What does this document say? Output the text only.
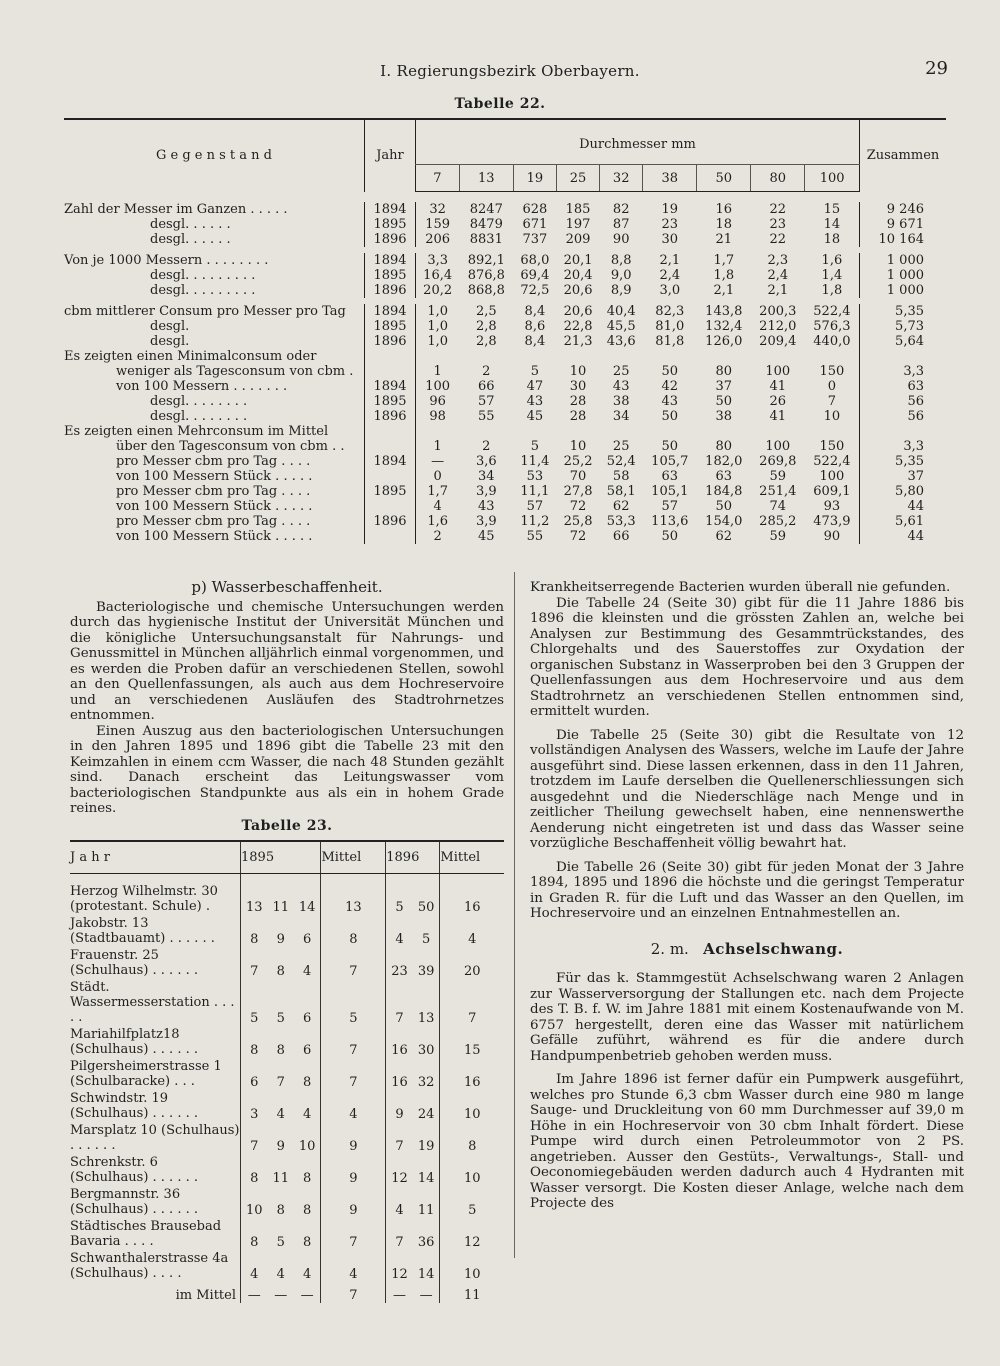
I. Regierungsbezirk Oberbayern.	29
Tabelle 22.
G e g e n s t a n d	Jahr	Durchmesser mm									Zusammen
		7	13	19	25	32	38	50	80	100	

Zahl der Messer im Ganzen . . . . .	1894	32	8247	628	185	82	19	16	22	15	9 246
desgl. . . . . .	1895	159	8479	671	197	87	23	18	23	14	9 671
desgl. . . . . .	1896	206	8831	737	209	90	30	21	22	18	10 164

Von je 1000 Messern . . . . . . . .	1894	3,3	892,1	68,0	20,1	8,8	2,1	1,7	2,3	1,6	1 000
desgl. . . . . . . . .	1895	16,4	876,8	69,4	20,4	9,0	2,4	1,8	2,4	1,4	1 000
desgl. . . . . . . . .	1896	20,2	868,8	72,5	20,6	8,9	3,0	2,1	2,1	1,8	1 000

cbm mittlerer Consum pro Messer pro Tag	1894	1,0	2,5	8,4	20,6	40,4	82,3	143,8	200,3	522,4	5,35
desgl.	1895	1,0	2,8	8,6	22,8	45,5	81,0	132,4	212,0	576,3	5,73
desgl.	1896	1,0	2,8	8,4	21,3	43,6	81,8	126,0	209,4	440,0	5,64
Es zeigten einen Minimalconsum oder											
weniger als Tagesconsum von cbm .		1	2	5	10	25	50	80	100	150	3,3
von 100 Messern . . . . . . .	1894	100	66	47	30	43	42	37	41	0	63
desgl. . . . . . . .	1895	96	57	43	28	38	43	50	26	7	56
desgl. . . . . . . .	1896	98	55	45	28	34	50	38	41	10	56
Es zeigten einen Mehrconsum im Mittel											
über den Tagesconsum von cbm . .		1	2	5	10	25	50	80	100	150	3,3
pro Messer cbm pro Tag . . . .	1894	—	3,6	11,4	25,2	52,4	105,7	182,0	269,8	522,4	5,35
von 100 Messern Stück . . . . .		0	34	53	70	58	63	63	59	100	37
pro Messer cbm pro Tag . . . .	1895	1,7	3,9	11,1	27,8	58,1	105,1	184,8	251,4	609,1	5,80
von 100 Messern Stück . . . . .		4	43	57	72	62	57	50	74	93	44
pro Messer cbm pro Tag . . . .	1896	1,6	3,9	11,2	25,8	53,3	113,6	154,0	285,2	473,9	5,61
von 100 Messern Stück . . . . .		2	45	55	72	66	50	62	59	90	44
p) Wasserbeschaffenheit.

Bacteriologische und chemische Untersuchungen werden durch das hygienische Institut der Universität München und die königliche Untersuchungsanstalt für Nahrungs- und Genussmittel in München alljährlich einmal vorgenommen, und es werden die Proben dafür an verschiedenen Stellen, sowohl an den Quellenfassungen, als auch aus dem Hochreservoire und an verschiedenen Ausläufen des Stadtrohrnetzes entnommen.

Einen Auszug aus den bacteriologischen Untersuchungen in den Jahren 1895 und 1896 gibt die Tabelle 23 mit den Keimzahlen in einem ccm Wasser, die nach 48 Stunden gezählt sind. Danach erscheint das Leitungswasser vom bacteriologischen Standpunkte aus als ein in hohem Grade reines.

Tabelle 23.
J a h r	1895			Mittel	1896		Mittel
Herzog Wilhelmstr. 30 (protestant. Schule) .	13	11	14	13	5	50	16
Jakobstr. 13 (Stadtbauamt) . . . . . .	8	9	6	8	4	5	4
Frauenstr. 25 (Schulhaus) . . . . . .	7	8	4	7	23	39	20
Städt. Wassermesserstation . . . . .	5	5	6	5	7	13	7
Mariahilfplatz18 (Schulhaus) . . . . . .	8	8	6	7	16	30	15
Pilgersheimerstrasse 1 (Schulbaracke) . . .	6	7	8	7	16	32	16
Schwindstr. 19 (Schulhaus) . . . . . .	3	4	4	4	9	24	10
Marsplatz 10 (Schulhaus) . . . . . .	7	9	10	9	7	19	8
Schrenkstr. 6 (Schulhaus) . . . . . .	8	11	8	9	12	14	10
Bergmannstr. 36 (Schulhaus) . . . . . .	10	8	8	9	4	11	5
Städtisches Brausebad Bavaria . . . .	8	5	8	7	7	36	12
Schwanthalerstrasse 4a (Schulhaus) . . . .	4	4	4	4	12	14	10
im Mittel	—	—	—	7	—	—	11

Krankheitserregende Bacterien wurden überall nie gefunden.

Die Tabelle 24 (Seite 30) gibt für die 11 Jahre 1886 bis 1896 die kleinsten und die grössten Zahlen an, welche bei Analysen zur Bestimmung des Gesammtrückstandes, des Chlorgehalts und des Sauerstoffes zur Oxydation der organischen Substanz in Wasserproben bei den 3 Gruppen der Quellenfassungen aus dem Hochreservoire und aus dem Stadtrohrnetz an verschiedenen Stellen entnommen sind, ermittelt wurden.

Die Tabelle 25 (Seite 30) gibt die Resultate von 12 vollständigen Analysen des Wassers, welche im Laufe der Jahre ausgeführt sind. Diese lassen erkennen, dass in den 11 Jahren, trotzdem im Laufe derselben die Quellenerschliessungen sich ausgedehnt und die Niederschläge nach Menge und in zeitlicher Theilung gewechselt haben, eine nennenswerthe Aenderung nicht eingetreten ist und dass das Wasser seine vorzügliche Beschaffenheit völlig bewahrt hat.

Die Tabelle 26 (Seite 30) gibt für jeden Monat der 3 Jahre 1894, 1895 und 1896 die höchste und die geringst Temperatur in Graden R. für die Luft und das Wasser an den Quellen, im Hochreservoire und an einzelnen Entnahmestellen an.

2. m. Achselschwang.

Für das k. Stammgestüt Achselschwang waren 2 Anlagen zur Wasserversorgung der Stallungen etc. nach dem Projecte des T. B. f. W. im Jahre 1881 mit einem Kostenaufwande von M. 6757 hergestellt, deren eine das Wasser mit natürlichem Gefälle zuführt, während es für die andere durch Handpumpenbetrieb gehoben werden muss.

Im Jahre 1896 ist ferner dafür ein Pumpwerk ausgeführt, welches pro Stunde 6,3 cbm Wasser durch eine 980 m lange Sauge- und Druckleitung von 60 mm Durchmesser auf 39,0 m Höhe in ein Hochreservoir von 30 cbm Inhalt fördert. Diese Pumpe wird durch einen Petroleummotor von 2 PS. angetrieben. Ausser den Gestüts-, Verwaltungs-, Stall- und Oeconomiegebäuden werden dadurch auch 4 Hydranten mit Wasser versorgt. Die Kosten dieser Anlage, welche nach dem Projecte des
